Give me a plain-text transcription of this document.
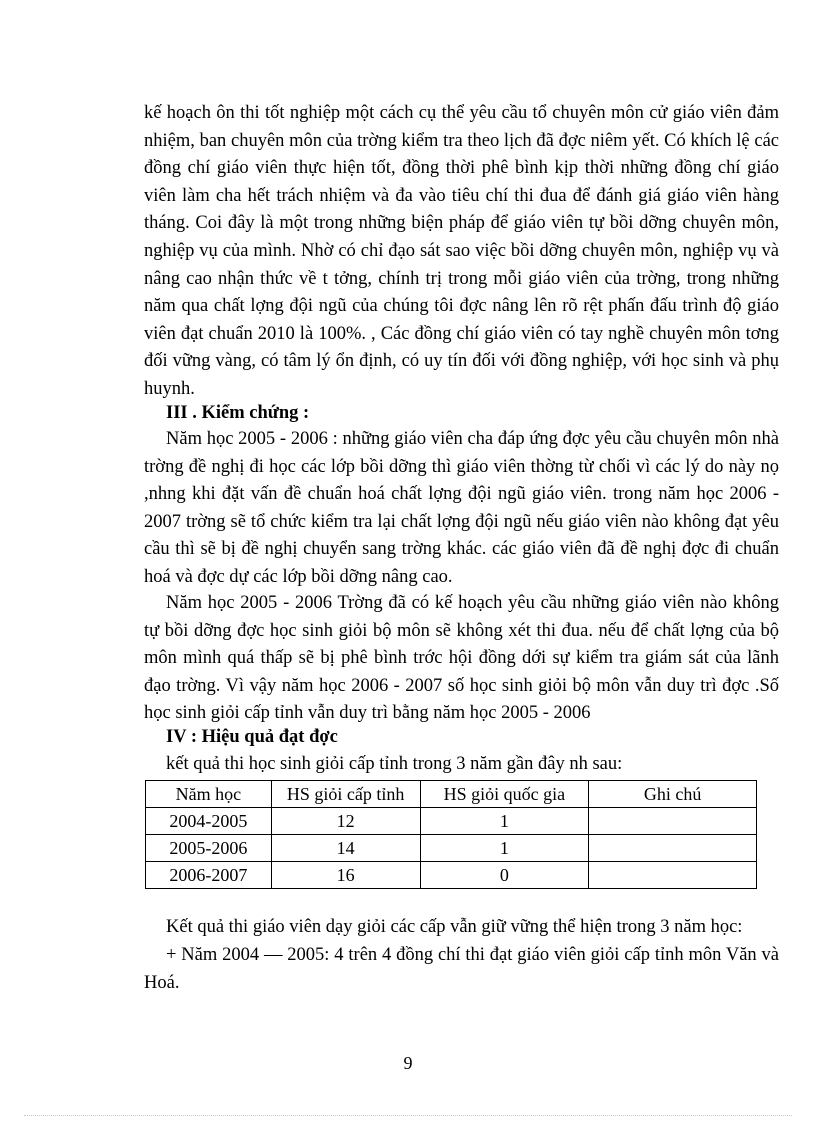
kế hoạch ôn thi tốt nghiệp một cách cụ thể yêu cầu tổ chuyên môn cử giáo viên đảm nhiệm, ban chuyên môn của trờng kiểm tra theo lịch đã đợc niêm yết. Có khích lệ các đồng chí giáo viên thực hiện tốt, đồng thời phê bình kịp thời những đồng chí giáo viên làm cha hết trách nhiệm và đa vào tiêu chí thi đua để đánh giá giáo viên hàng tháng. Coi đây là một trong những biện pháp để giáo viên tự bồi dỡng chuyên môn, nghiệp vụ của mình. Nhờ có chỉ đạo sát sao việc bồi dỡng chuyên môn, nghiệp vụ và nâng cao nhận thức về t tởng, chính trị trong mỗi giáo viên của trờng, trong những năm qua chất lợng đội ngũ của chúng tôi đợc nâng lên rõ rệt phấn đấu trình độ giáo viên đạt chuẩn 2010 là 100%. , Các đồng chí giáo viên có tay nghề chuyên môn tơng đối vững vàng, có tâm lý ổn định, có uy tín đối với đồng nghiệp, với học sinh và phụ huynh.

III . Kiểm chứng :

Năm học 2005 - 2006 : những giáo viên cha đáp ứng đợc yêu cầu chuyên môn nhà trờng đề nghị đi học các lớp bồi dỡng thì giáo viên thờng từ chối vì các lý do này nọ ,nhng khi đặt vấn đề chuẩn hoá chất lợng đội ngũ giáo viên. trong năm học 2006 - 2007 trờng sẽ tổ chức kiểm tra lại chất lợng đội ngũ nếu giáo viên nào không đạt yêu cầu thì sẽ bị đề nghị chuyển sang trờng khác. các giáo viên đã đề nghị đợc đi chuẩn hoá và đợc dự các lớp bồi dỡng nâng cao.

Năm học 2005 - 2006 Trờng đã có kế hoạch yêu cầu những giáo viên nào không tự bồi dỡng đợc học sinh giỏi bộ môn sẽ không xét thi đua. nếu để chất lợng của bộ môn mình quá thấp sẽ bị phê bình trớc hội đồng dới sự kiểm tra giám sát của lãnh đạo trờng. Vì vậy năm học 2006 - 2007 số học sinh giỏi bộ môn vẫn duy trì đợc .Số học sinh giỏi cấp tỉnh vẫn duy trì bằng năm học 2005 - 2006

IV : Hiệu quả đạt đợc

kết quả thi học sinh giỏi cấp tỉnh trong 3 năm gần đây nh sau:

Năm học	HS giỏi cấp tỉnh	HS giỏi quốc gia	Ghi chú
2004-2005	12	1	
2005-2006	14	1	
2006-2007	16	0	

Kết quả thi giáo viên dạy giỏi các cấp vẫn giữ vững thể hiện trong 3 năm học:

+ Năm 2004 — 2005: 4 trên 4 đồng chí thi đạt giáo viên giỏi cấp tỉnh môn Văn và Hoá.

9
